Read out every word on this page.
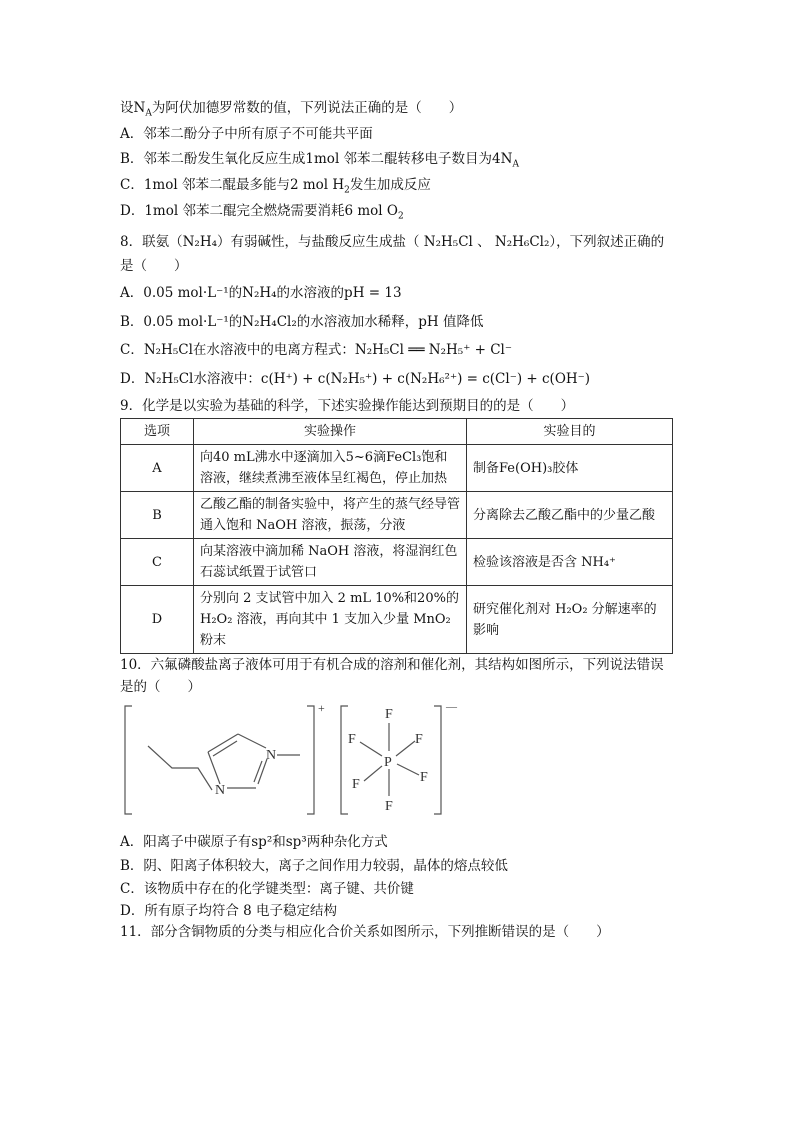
设$N_A$为阿伏加德罗常数的值，下列说法正确的是（　　）
A．邻苯二酚分子中所有原子不可能共平面
B．邻苯二酚发生氧化反应生成1mol 邻苯二醌转移电子数目为$4N_A$
C．1mol 邻苯二醌最多能与2 mol $H_2$发生加成反应
D．1mol 邻苯二醌完全燃烧需要消耗6 mol $O_2$
8．联氨（N₂H₄）有弱碱性，与盐酸反应生成盐（ N₂H₅Cl 、 N₂H₆Cl₂），下列叙述正确的
是（　　）
A．0.05 mol·L⁻¹的N₂H₄的水溶液的pH = 13
B．0.05 mol·L⁻¹的N₂H₄Cl₂的水溶液加水稀释，pH 值降低
C．N₂H₅Cl在水溶液中的电离方程式：N₂H₅Cl ══ N₂H₅⁺ + Cl⁻
D．N₂H₅Cl水溶液中：c(H⁺) + c(N₂H₅⁺) + c(N₂H₆²⁺) = c(Cl⁻) + c(OH⁻)
9．化学是以实验为基础的科学，下述实验操作能达到预期目的的是（　　）
选项	实验操作	实验目的
A	向40 mL沸水中逐滴加入5~6滴FeCl₃饱和溶液，继续煮沸至液体呈红褐色，停止加热	制备Fe(OH)₃胶体
B	乙酸乙酯的制备实验中，将产生的蒸气经导管通入饱和 NaOH 溶液，振荡，分液	分离除去乙酸乙酯中的少量乙酸
C	向某溶液中滴加稀 NaOH 溶液，将湿润红色石蕊试纸置于试管口	检验该溶液是否含 NH₄⁺
D	分别向 2 支试管中加入 2 mL 10%和20%的 H₂O₂ 溶液，再向其中 1 支加入少量 MnO₂ 粉末	研究催化剂对 H₂O₂ 分解速率的影响
10．六氟磷酸盐离子液体可用于有机合成的溶剂和催化剂，其结构如图所示，下列说法错误
是的（　　）
+
N
N
—
P
F
F
F	F
F	F
A．阳离子中碳原子有sp²和sp³两种杂化方式
B．阴、阳离子体积较大，离子之间作用力较弱，晶体的熔点较低
C．该物质中存在的化学键类型：离子键、共价键
D．所有原子均符合 8 电子稳定结构
11．部分含铜物质的分类与相应化合价关系如图所示，下列推断错误的是（　　）
